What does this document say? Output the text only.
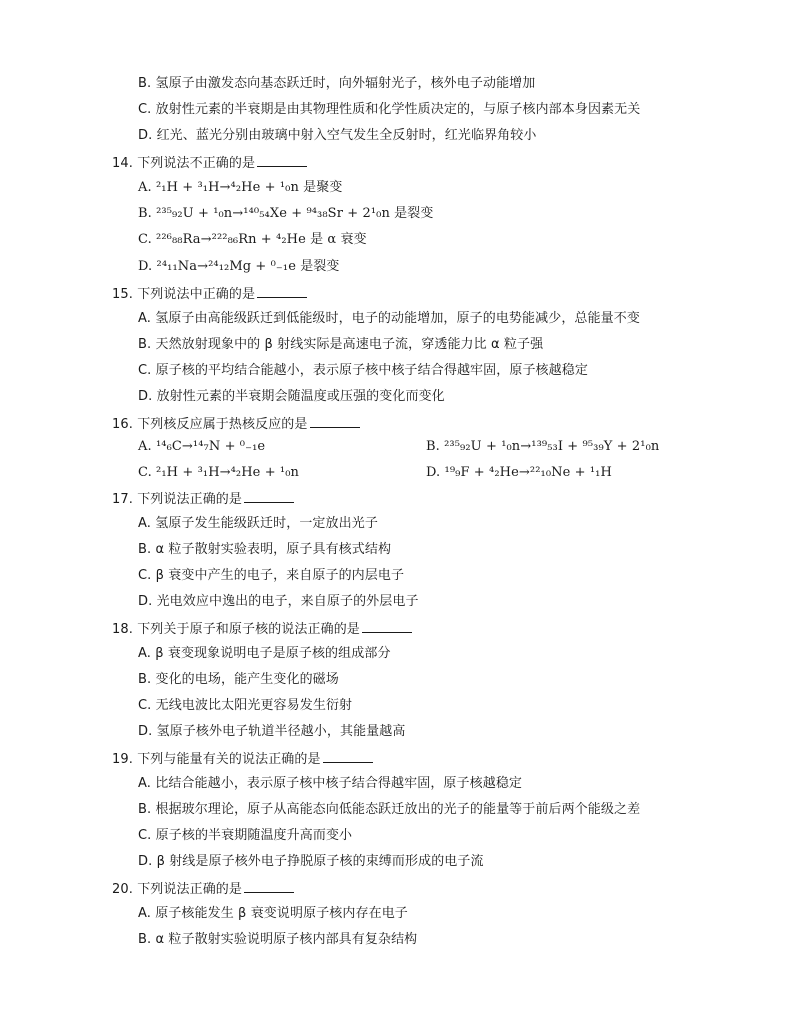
B. 氢原子由激发态向基态跃迁时，向外辐射光子，核外电子动能增加
C. 放射性元素的半衰期是由其物理性质和化学性质决定的，与原子核内部本身因素无关
D. 红光、蓝光分别由玻璃中射入空气发生全反射时，红光临界角较小
14. 下列说法不正确的是
A. ²₁H + ³₁H→⁴₂He + ¹₀n 是聚变
B. ²³⁵₉₂U + ¹₀n→¹⁴⁰₅₄Xe + ⁹⁴₃₈Sr + 2¹₀n 是裂变
C. ²²⁶₈₈Ra→²²²₈₆Rn + ⁴₂He 是 α 衰变
D. ²⁴₁₁Na→²⁴₁₂Mg + ⁰₋₁e 是裂变
15. 下列说法中正确的是
A. 氢原子由高能级跃迁到低能级时，电子的动能增加，原子的电势能减少，总能量不变
B. 天然放射现象中的 β 射线实际是高速电子流，穿透能力比 α 粒子强
C. 原子核的平均结合能越小，表示原子核中核子结合得越牢固，原子核越稳定
D. 放射性元素的半衰期会随温度或压强的变化而变化
16. 下列核反应属于热核反应的是
A. ¹⁴₆C→¹⁴₇N + ⁰₋₁e	B. ²³⁵₉₂U + ¹₀n→¹³⁹₅₃I + ⁹⁵₃₉Y + 2¹₀n
C. ²₁H + ³₁H→⁴₂He + ¹₀n	D. ¹⁹₉F + ⁴₂He→²²₁₀Ne + ¹₁H
17. 下列说法正确的是
A. 氢原子发生能级跃迁时，一定放出光子
B. α 粒子散射实验表明，原子具有核式结构
C. β 衰变中产生的电子，来自原子的内层电子
D. 光电效应中逸出的电子，来自原子的外层电子
18. 下列关于原子和原子核的说法正确的是
A. β 衰变现象说明电子是原子核的组成部分
B. 变化的电场，能产生变化的磁场
C. 无线电波比太阳光更容易发生衍射
D. 氢原子核外电子轨道半径越小，其能量越高
19. 下列与能量有关的说法正确的是
A. 比结合能越小，表示原子核中核子结合得越牢固，原子核越稳定
B. 根据玻尔理论，原子从高能态向低能态跃迁放出的光子的能量等于前后两个能级之差
C. 原子核的半衰期随温度升高而变小
D. β 射线是原子核外电子挣脱原子核的束缚而形成的电子流
20. 下列说法正确的是
A. 原子核能发生 β 衰变说明原子核内存在电子
B. α 粒子散射实验说明原子核内部具有复杂结构
